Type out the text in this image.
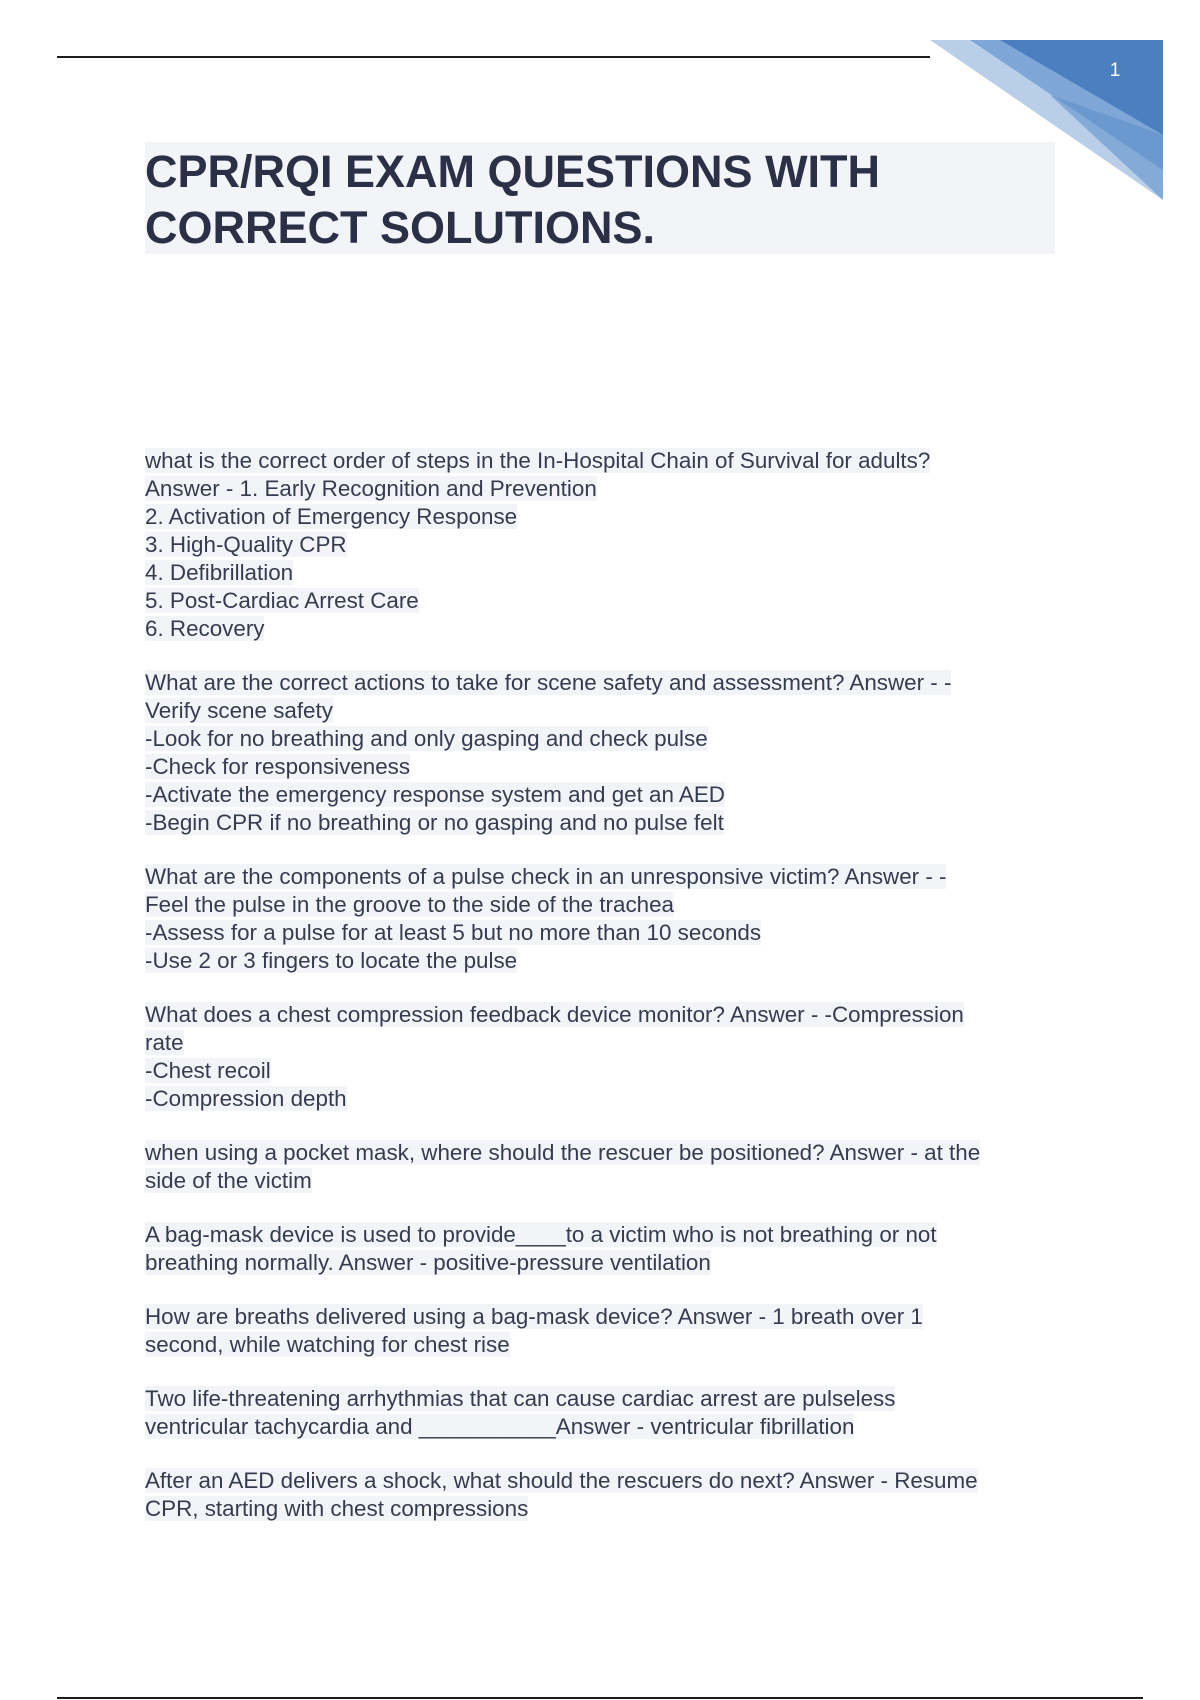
1
CPR/RQI EXAM QUESTIONS WITH
CORRECT SOLUTIONS.
what is the correct order of steps in the In-Hospital Chain of Survival for adults?
Answer - 1. Early Recognition and Prevention
2. Activation of Emergency Response
3. High-Quality CPR
4. Defibrillation
5. Post-Cardiac Arrest Care
6. Recovery
What are the correct actions to take for scene safety and assessment? Answer - -
Verify scene safety
-Look for no breathing and only gasping and check pulse
-Check for responsiveness
-Activate the emergency response system and get an AED
-Begin CPR if no breathing or no gasping and no pulse felt
What are the components of a pulse check in an unresponsive victim? Answer - -
Feel the pulse in the groove to the side of the trachea
-Assess for a pulse for at least 5 but no more than 10 seconds
-Use 2 or 3 fingers to locate the pulse
What does a chest compression feedback device monitor? Answer - -Compression
rate
-Chest recoil
-Compression depth
when using a pocket mask, where should the rescuer be positioned? Answer - at the
side of the victim
A bag-mask device is used to provide____to a victim who is not breathing or not
breathing normally. Answer - positive-pressure ventilation
How are breaths delivered using a bag-mask device? Answer - 1 breath over 1
second, while watching for chest rise
Two life-threatening arrhythmias that can cause cardiac arrest are pulseless
ventricular tachycardia and ___________Answer - ventricular fibrillation
After an AED delivers a shock, what should the rescuers do next? Answer - Resume
CPR, starting with chest compressions
